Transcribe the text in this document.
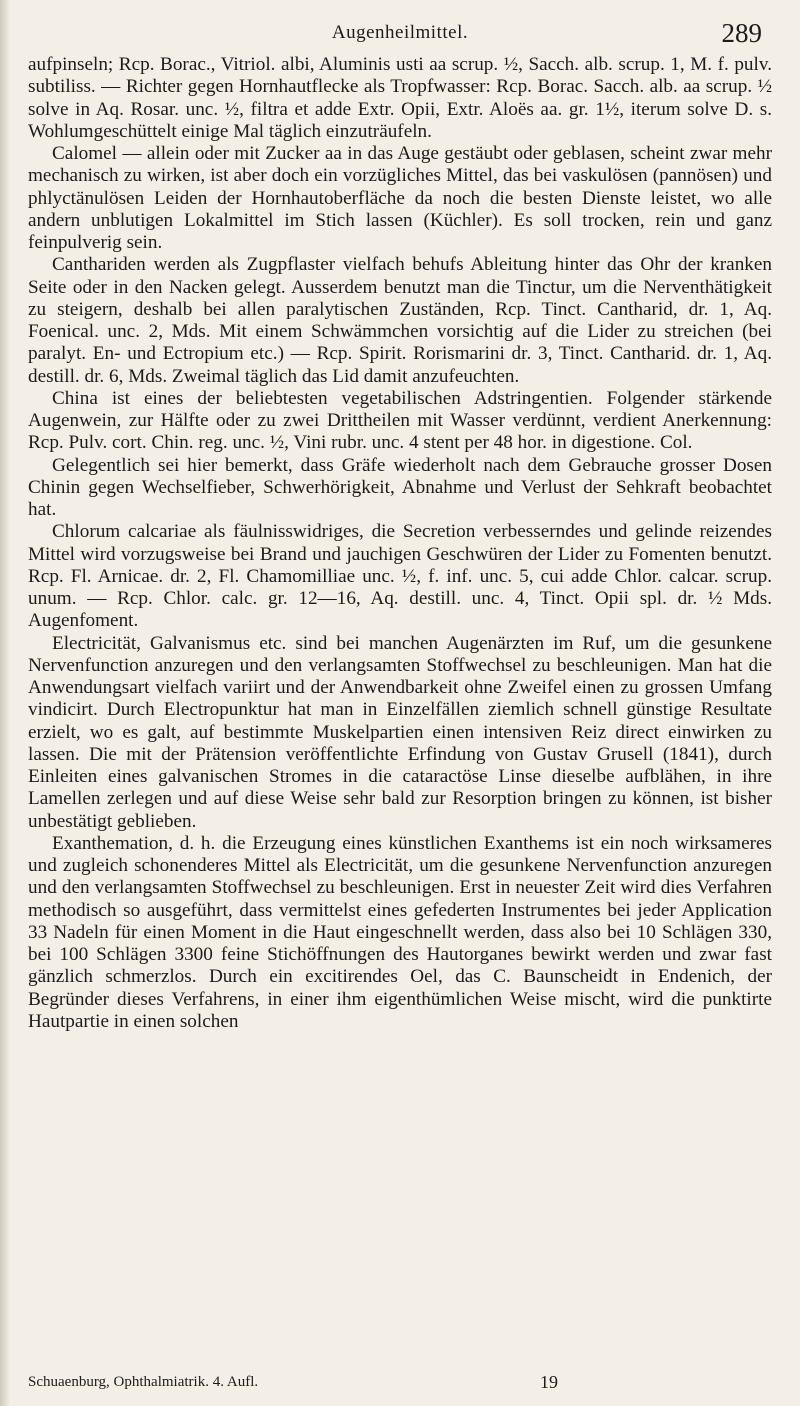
Augenheilmittel.	289

aufpinseln; Rcp. Borac., Vitriol. albi, Aluminis usti aa scrup. ½, Sacch. alb. scrup. 1, M. f. pulv. subtiliss. — Richter gegen Hornhautflecke als Tropfwasser: Rcp. Borac. Sacch. alb. aa scrup. ½ solve in Aq. Rosar. unc. ½, filtra et adde Extr. Opii, Extr. Aloës aa. gr. 1½, iterum solve D. s. Wohlumgeschüttelt einige Mal täglich einzuträufeln.

Calomel — allein oder mit Zucker aa in das Auge gestäubt oder geblasen, scheint zwar mehr mechanisch zu wirken, ist aber doch ein vorzügliches Mittel, das bei vaskulösen (pannösen) und phlyctänulösen Leiden der Hornhautoberfläche da noch die besten Dienste leistet, wo alle andern unblutigen Lokalmittel im Stich lassen (Küchler). Es soll trocken, rein und ganz feinpulverig sein.

Canthariden werden als Zugpflaster vielfach behufs Ableitung hinter das Ohr der kranken Seite oder in den Nacken gelegt. Ausserdem benutzt man die Tinctur, um die Nerventhätigkeit zu steigern, deshalb bei allen paralytischen Zuständen, Rcp. Tinct. Cantharid, dr. 1, Aq. Foenical. unc. 2, Mds. Mit einem Schwämmchen vorsichtig auf die Lider zu streichen (bei paralyt. En- und Ectropium etc.) — Rcp. Spirit. Rorismarini dr. 3, Tinct. Cantharid. dr. 1, Aq. destill. dr. 6, Mds. Zweimal täglich das Lid damit anzufeuchten.

China ist eines der beliebtesten vegetabilischen Adstringentien. Folgender stärkende Augenwein, zur Hälfte oder zu zwei Drittheilen mit Wasser verdünnt, verdient Anerkennung: Rcp. Pulv. cort. Chin. reg. unc. ½, Vini rubr. unc. 4 stent per 48 hor. in digestione. Col.

Gelegentlich sei hier bemerkt, dass Gräfe wiederholt nach dem Gebrauche grosser Dosen Chinin gegen Wechselfieber, Schwerhörigkeit, Abnahme und Verlust der Sehkraft beobachtet hat.

Chlorum calcariae als fäulnisswidriges, die Secretion verbesserndes und gelinde reizendes Mittel wird vorzugsweise bei Brand und jauchigen Geschwüren der Lider zu Fomenten benutzt. Rcp. Fl. Arnicae. dr. 2, Fl. Chamomilliae unc. ½, f. inf. unc. 5, cui adde Chlor. calcar. scrup. unum. — Rcp. Chlor. calc. gr. 12—16, Aq. destill. unc. 4, Tinct. Opii spl. dr. ½ Mds. Augenfoment.

Electricität, Galvanismus etc. sind bei manchen Augenärzten im Ruf, um die gesunkene Nervenfunction anzuregen und den verlangsamten Stoffwechsel zu beschleunigen. Man hat die Anwendungsart vielfach variirt und der Anwendbarkeit ohne Zweifel einen zu grossen Umfang vindicirt. Durch Electropunktur hat man in Einzelfällen ziemlich schnell günstige Resultate erzielt, wo es galt, auf bestimmte Muskelpartien einen intensiven Reiz direct einwirken zu lassen. Die mit der Prätension veröffentlichte Erfindung von Gustav Grusell (1841), durch Einleiten eines galvanischen Stromes in die cataractöse Linse dieselbe aufblähen, in ihre Lamellen zerlegen und auf diese Weise sehr bald zur Resorption bringen zu können, ist bisher unbestätigt geblieben.

Exanthemation, d. h. die Erzeugung eines künstlichen Exanthems ist ein noch wirksameres und zugleich schonenderes Mittel als Electricität, um die gesunkene Nervenfunction anzuregen und den verlangsamten Stoffwechsel zu beschleunigen. Erst in neuester Zeit wird dies Verfahren methodisch so ausgeführt, dass vermittelst eines gefederten Instrumentes bei jeder Application 33 Nadeln für einen Moment in die Haut eingeschnellt werden, dass also bei 10 Schlägen 330, bei 100 Schlägen 3300 feine Stichöffnungen des Hautorganes bewirkt werden und zwar fast gänzlich schmerzlos. Durch ein excitirendes Oel, das C. Baunscheidt in Endenich, der Begründer dieses Verfahrens, in einer ihm eigenthümlichen Weise mischt, wird die punktirte Hautpartie in einen solchen

Schuaenburg, Ophthalmiatrik. 4. Aufl.	19
